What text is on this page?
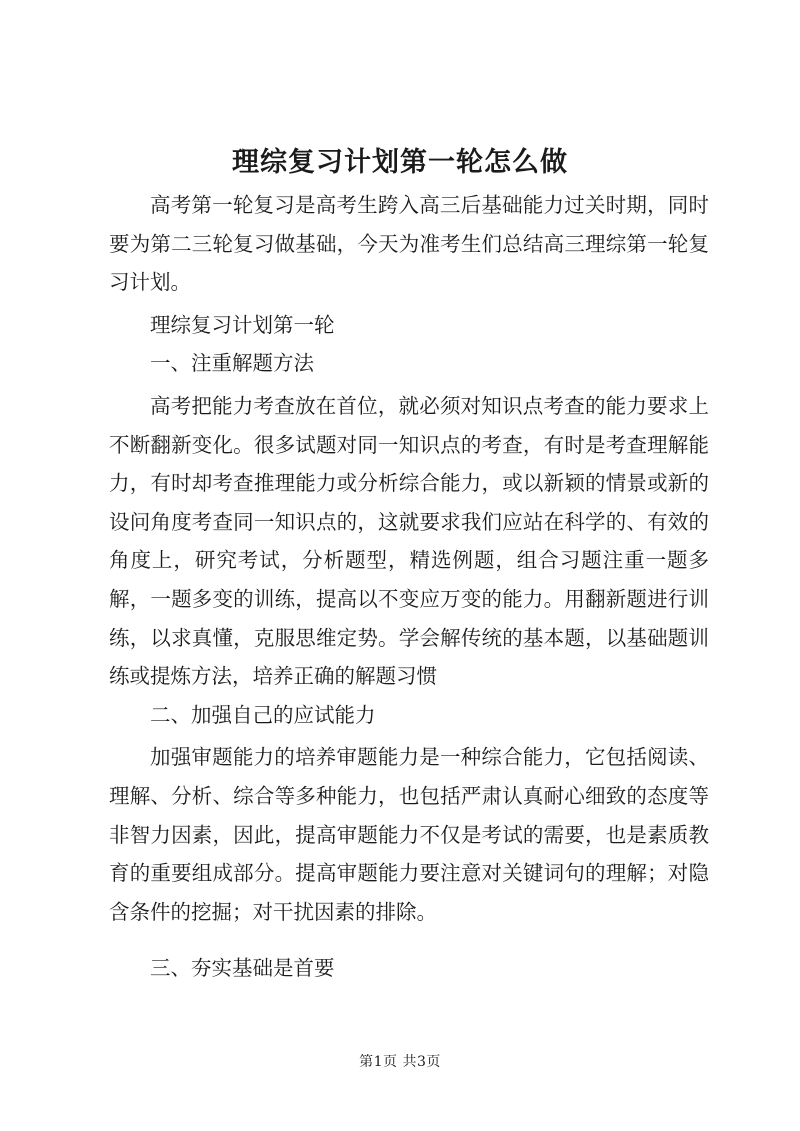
理综复习计划第一轮怎么做

高考第一轮复习是高考生跨入高三后基础能力过关时期，同时要为第二三轮复习做基础，今天为准考生们总结高三理综第一轮复习计划。

理综复习计划第一轮

一、注重解题方法

高考把能力考查放在首位，就必须对知识点考查的能力要求上不断翻新变化。很多试题对同一知识点的考查，有时是考查理解能力，有时却考查推理能力或分析综合能力，或以新颖的情景或新的设问角度考查同一知识点的，这就要求我们应站在科学的、有效的角度上，研究考试，分析题型，精选例题，组合习题注重一题多解，一题多变的训练，提高以不变应万变的能力。用翻新题进行训练，以求真懂，克服思维定势。学会解传统的基本题，以基础题训练或提炼方法，培养正确的解题习惯

二、加强自己的应试能力

加强审题能力的培养审题能力是一种综合能力，它包括阅读、理解、分析、综合等多种能力，也包括严肃认真耐心细致的态度等非智力因素，因此，提高审题能力不仅是考试的需要，也是素质教育的重要组成部分。提高审题能力要注意对关键词句的理解；对隐含条件的挖掘；对干扰因素的排除。

三、夯实基础是首要

第1页 共3页
